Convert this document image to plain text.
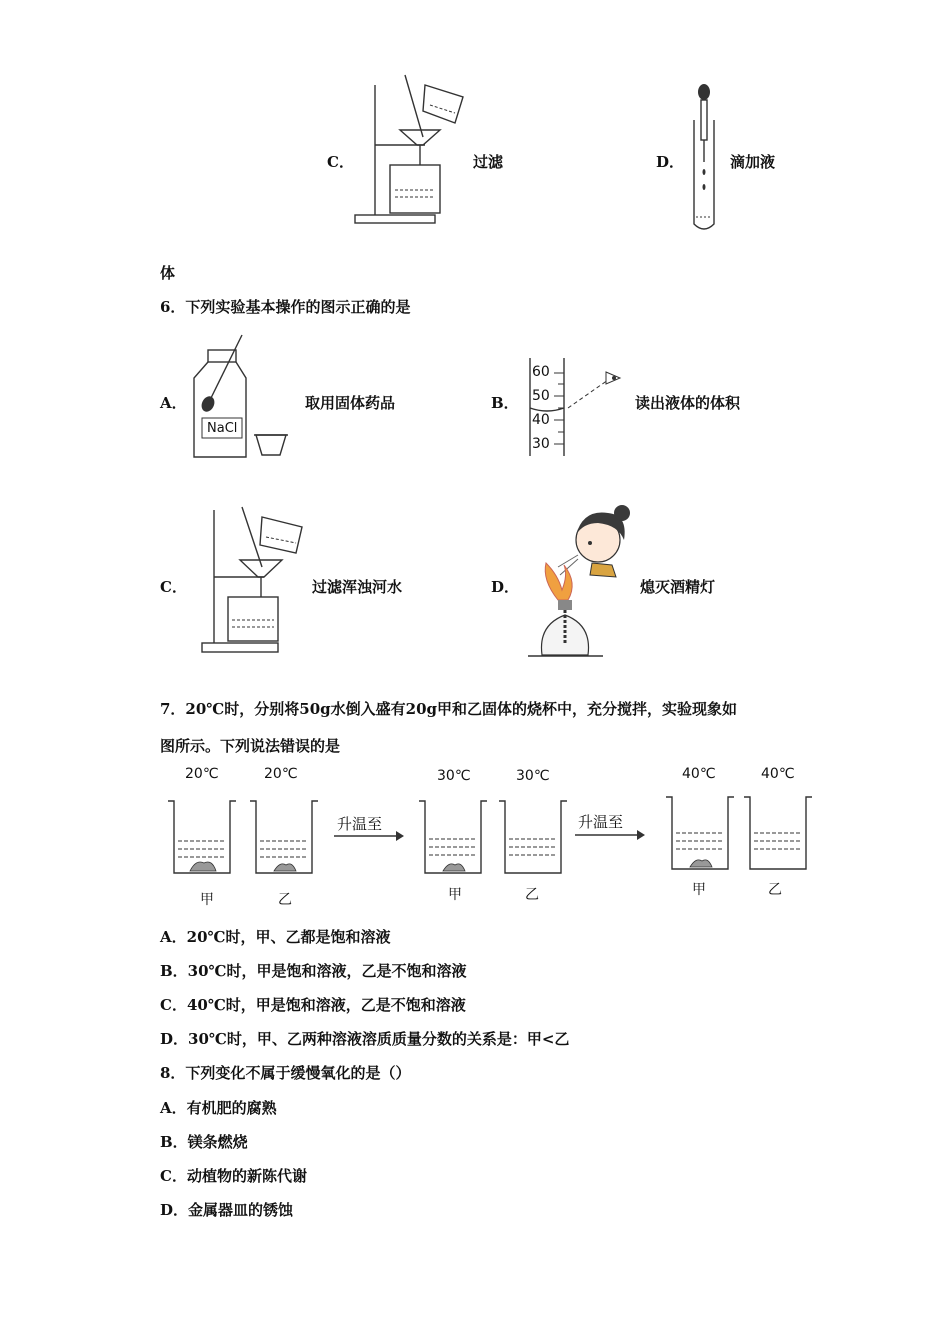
C．	过滤	D．	滴加液
体
6．下列实验基本操作的图示正确的是
A．
NaCl
取用固体药品	B．
60
50
40
30
读出液体的体积
C．	过滤浑浊河水	D．	熄灭酒精灯
7．20℃时，分别将50g水倒入盛有20g甲和乙固体的烧杯中，充分搅拌，实验现象如
图所示。下列说法错误的是
20℃	20℃	30℃	30℃	40℃	40℃
升温至	升温至
甲	乙	甲	乙	甲	乙
A．20℃时，甲、乙都是饱和溶液
B．30℃时，甲是饱和溶液，乙是不饱和溶液
C．40℃时，甲是饱和溶液，乙是不饱和溶液
D．30℃时，甲、乙两种溶液溶质质量分数的关系是：甲<乙
8．下列变化不属于缓慢氧化的是（）
A．有机肥的腐熟
B．镁条燃烧
C．动植物的新陈代谢
D．金属器皿的锈蚀
